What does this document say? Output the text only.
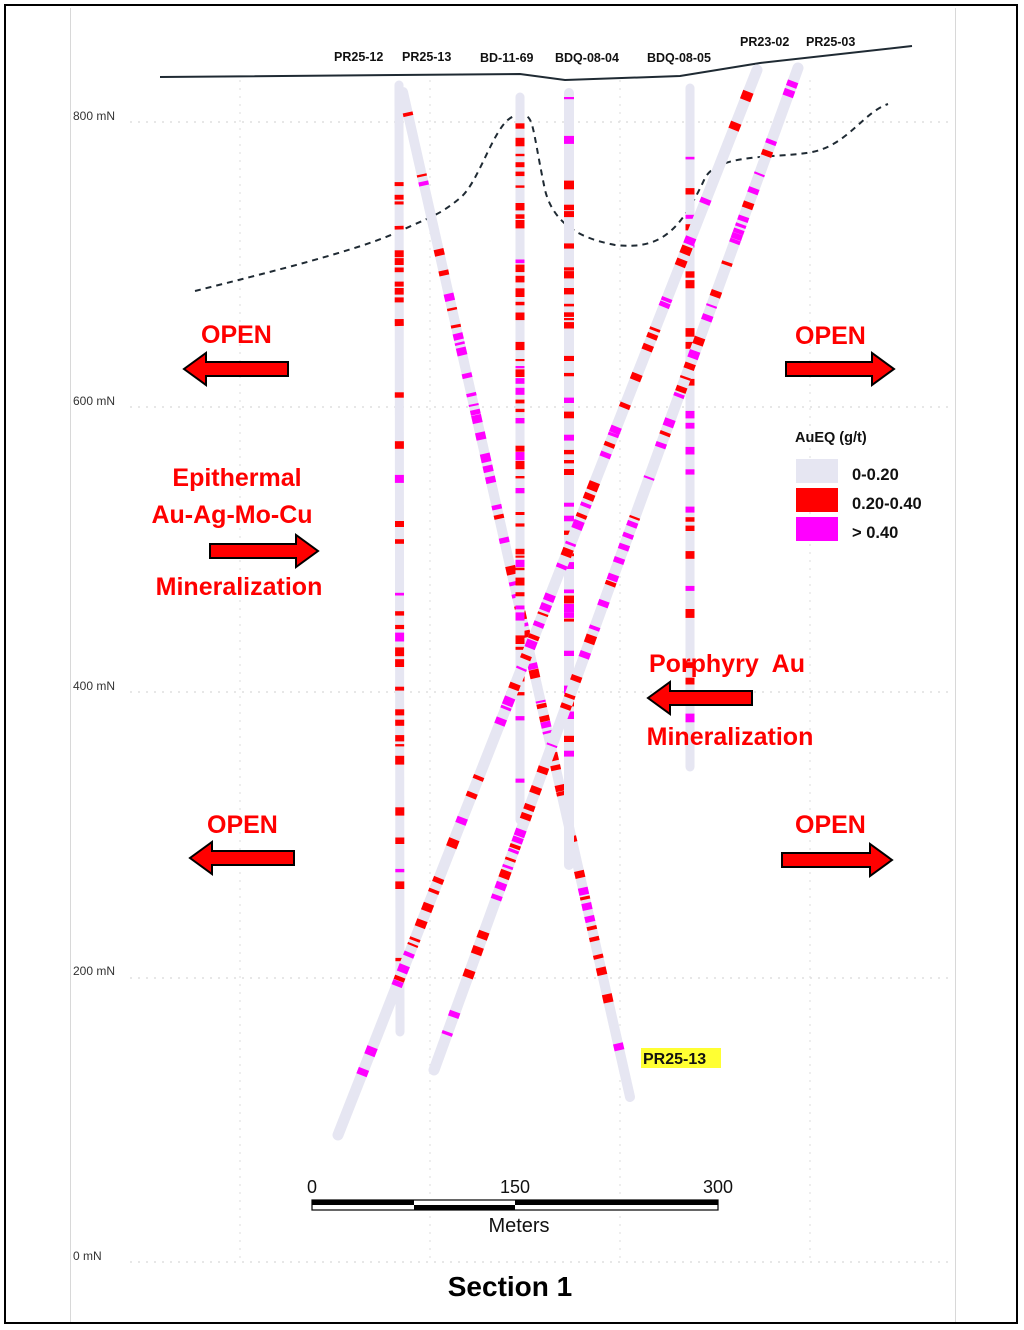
800 mN
600 mN
400 mN
200 mN
0 mN
PR25-12 PR25-13 BD-11-69 BDQ-08-04 BDQ-08-05
PR23-02 PR25-03
OPEN	OPEN
OPEN	OPEN
Epithermal
Au-Ag-Mo-Cu
Mineralization
Porphyry  Au
Mineralization
AuEQ (g/t)
0-0.20
0.20-0.40
> 0.40
PR25-13
0	150	300
Meters
Section 1
